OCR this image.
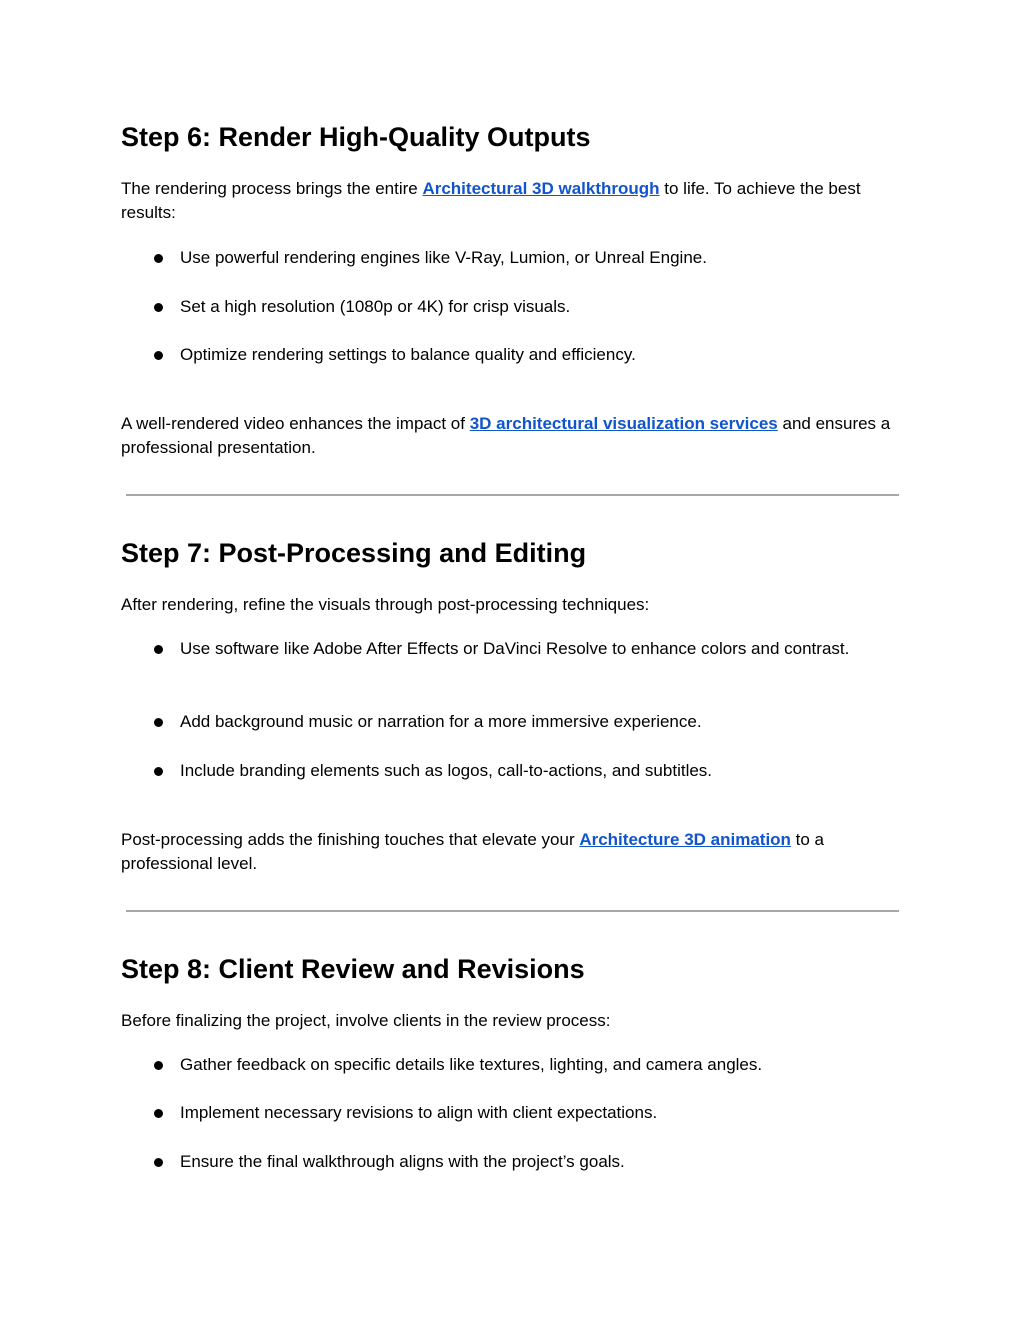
Step 6: Render High-Quality Outputs

The rendering process brings the entire Architectural 3D walkthrough to life. To achieve the best results:

Use powerful rendering engines like V-Ray, Lumion, or Unreal Engine.
Set a high resolution (1080p or 4K) for crisp visuals.
Optimize rendering settings to balance quality and efficiency.

A well-rendered video enhances the impact of 3D architectural visualization services and ensures a professional presentation.

Step 7: Post-Processing and Editing

After rendering, refine the visuals through post-processing techniques:

Use software like Adobe After Effects or DaVinci Resolve to enhance colors and contrast.
Add background music or narration for a more immersive experience.
Include branding elements such as logos, call-to-actions, and subtitles.

Post-processing adds the finishing touches that elevate your Architecture 3D animation to a professional level.

Step 8: Client Review and Revisions

Before finalizing the project, involve clients in the review process:

Gather feedback on specific details like textures, lighting, and camera angles.
Implement necessary revisions to align with client expectations.
Ensure the final walkthrough aligns with the project’s goals.
